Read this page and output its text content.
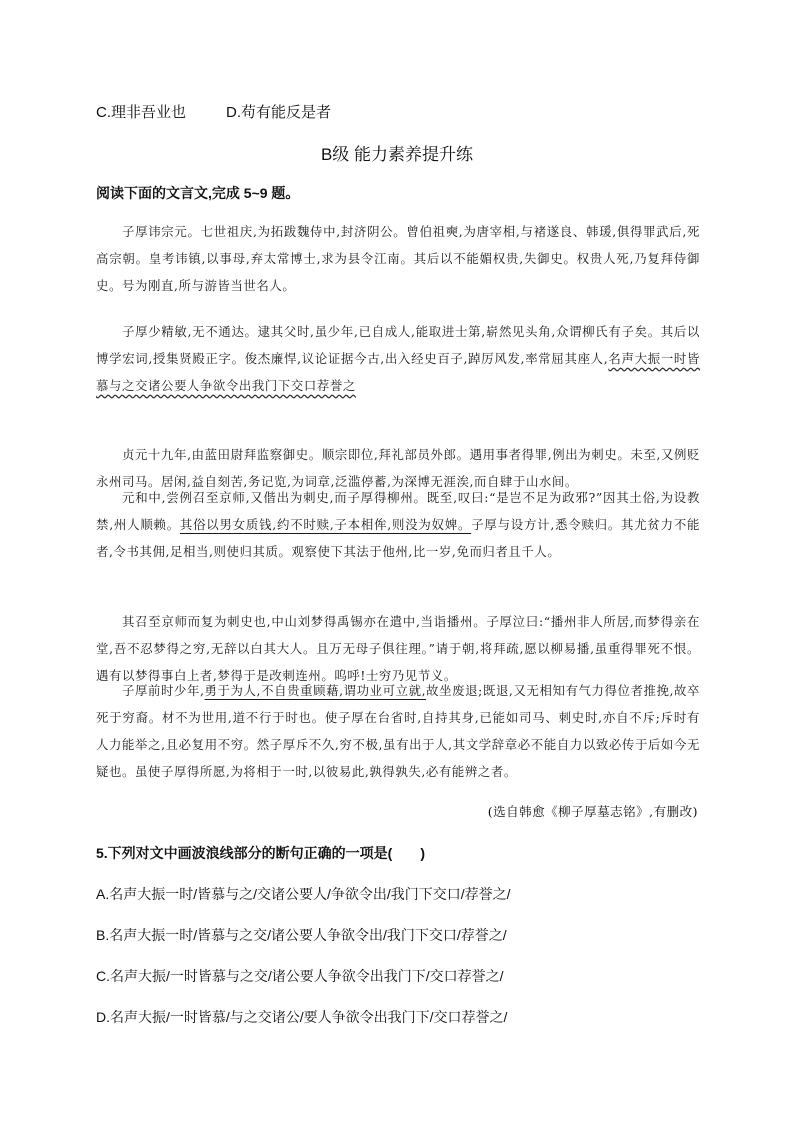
C.理非吾业也	D.苟有能反是者
B级 能力素养提升练
阅读下面的文言文,完成 5~9 题。
子厚讳宗元。七世祖庆,为拓跋魏侍中,封济阴公。曾伯祖奭,为唐宰相,与褚遂良、韩瑗,俱得罪武后,死高宗朝。皇考讳镇,以事母,弃太常博士,求为县令江南。其后以不能媚权贵,失御史。权贵人死,乃复拜侍御史。号为刚直,所与游皆当世名人。
子厚少精敏,无不通达。逮其父时,虽少年,已自成人,能取进士第,崭然见头角,众谓柳氏有子矣。其后以博学宏词,授集贤殿正字。俊杰廉悍,议论证据今古,出入经史百子,踔厉风发,率常屈其座人,名声大振一时皆慕与之交诸公要人争欲令出我门下交口荐誉之
贞元十九年,由蓝田尉拜监察御史。顺宗即位,拜礼部员外郎。遇用事者得罪,例出为刺史。未至,又例贬永州司马。居闲,益自刻苦,务记览,为词章,泛滥停蓄,为深博无涯涘,而自肆于山水间。
元和中,尝例召至京师,又偕出为刺史,而子厚得柳州。既至,叹曰:“是岂不足为政邪?”因其土俗,为设教禁,州人顺赖。其俗以男女质钱,约不时赎,子本相侔,则没为奴婢。子厚与设方计,悉令赎归。其尤贫力不能者,令书其佣,足相当,则使归其质。观察使下其法于他州,比一岁,免而归者且千人。
其召至京师而复为刺史也,中山刘梦得禹锡亦在遣中,当诣播州。子厚泣曰:“播州非人所居,而梦得亲在堂,吾不忍梦得之穷,无辞以白其大人。且万无母子俱往理。”请于朝,将拜疏,愿以柳易播,虽重得罪死不恨。遇有以梦得事白上者,梦得于是改刺连州。呜呼!士穷乃见节义。
子厚前时少年,勇于为人,不自贵重顾藉,谓功业可立就,故坐废退;既退,又无相知有气力得位者推挽,故卒死于穷裔。材不为世用,道不行于时也。使子厚在台省时,自持其身,已能如司马、刺史时,亦自不斥;斥时有人力能举之,且必复用不穷。然子厚斥不久,穷不极,虽有出于人,其文学辞章必不能自力以致必传于后如今无疑也。虽使子厚得所愿,为将相于一时,以彼易此,孰得孰失,必有能辨之者。
(选自韩愈《柳子厚墓志铭》,有删改)
5.下列对文中画波浪线部分的断句正确的一项是(　　)
A.名声大振一时/皆慕与之/交诸公要人/争欲令出/我门下交口/荐誉之/
B.名声大振一时/皆慕与之交/诸公要人争欲令出/我门下交口/荐誉之/
C.名声大振/一时皆慕与之交/诸公要人争欲令出我门下/交口荐誉之/
D.名声大振/一时皆慕/与之交诸公/要人争欲令出我门下/交口荐誉之/
